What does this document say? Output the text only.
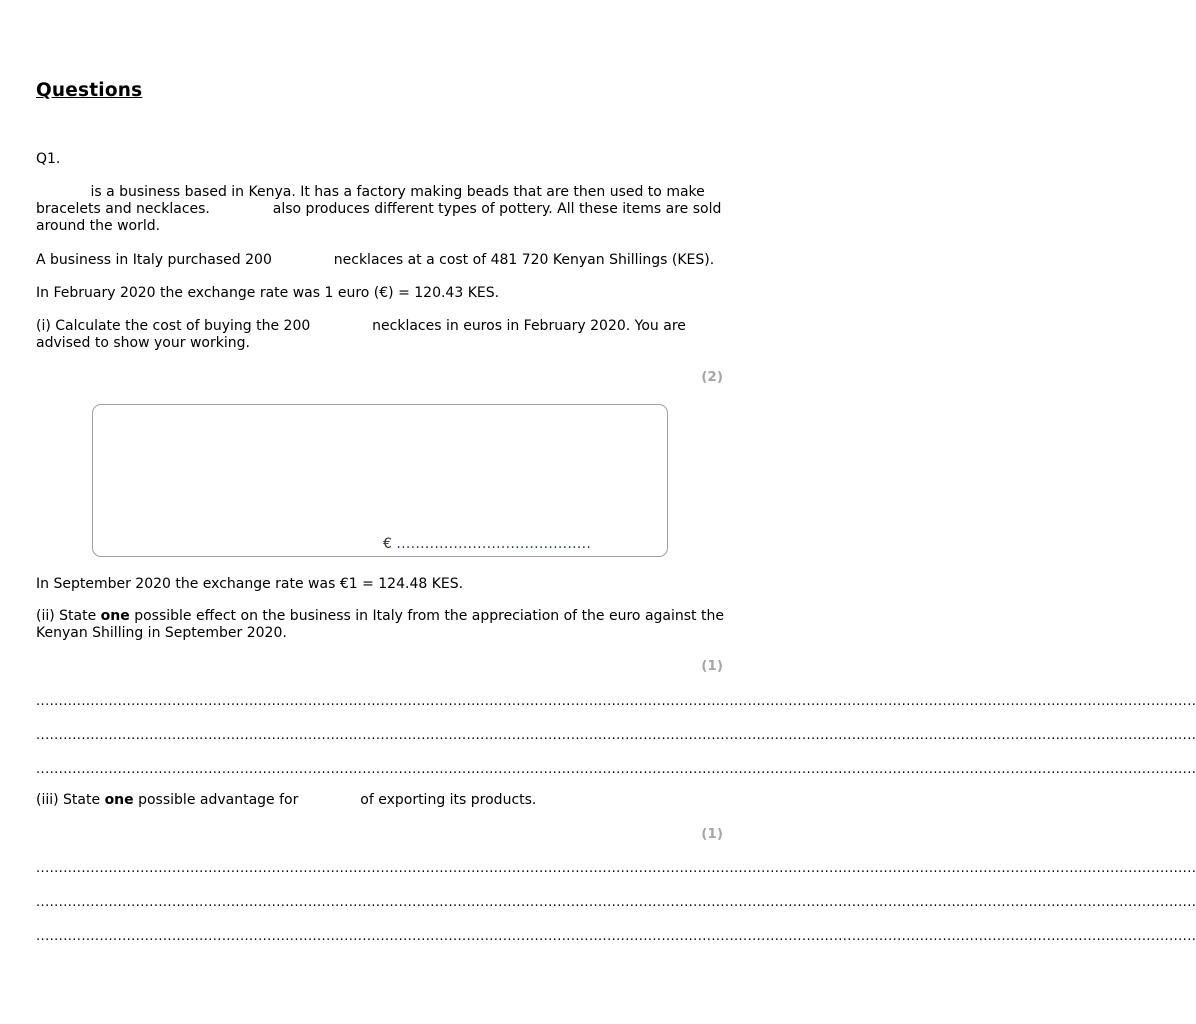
Questions
Q1.
is a business based in Kenya. It has a factory making beads that are then used to make bracelets and necklaces.	also produces different types of pottery. All these items are sold around the world.
A business in Italy purchased 200	necklaces at a cost of 481 720 Kenyan Shillings (KES).
In February 2020 the exchange rate was 1 euro (€) = 120.43 KES.
(i) Calculate the cost of buying the 200	necklaces in euros in February 2020. You are advised to show your working.
(2)
€ .........................................
In September 2020 the exchange rate was €1 = 124.48 KES.
(ii) State one possible effect on the business in Italy from the appreciation of the euro against the Kenyan Shilling in September 2020.
(1)
................................................................................................................................................................................................................................................................
................................................................................................................................................................................................................................................................
................................................................................................................................................................................................................................................................
(iii) State one possible advantage for	of exporting its products.
(1)
................................................................................................................................................................................................................................................................
................................................................................................................................................................................................................................................................
................................................................................................................................................................................................................................................................
